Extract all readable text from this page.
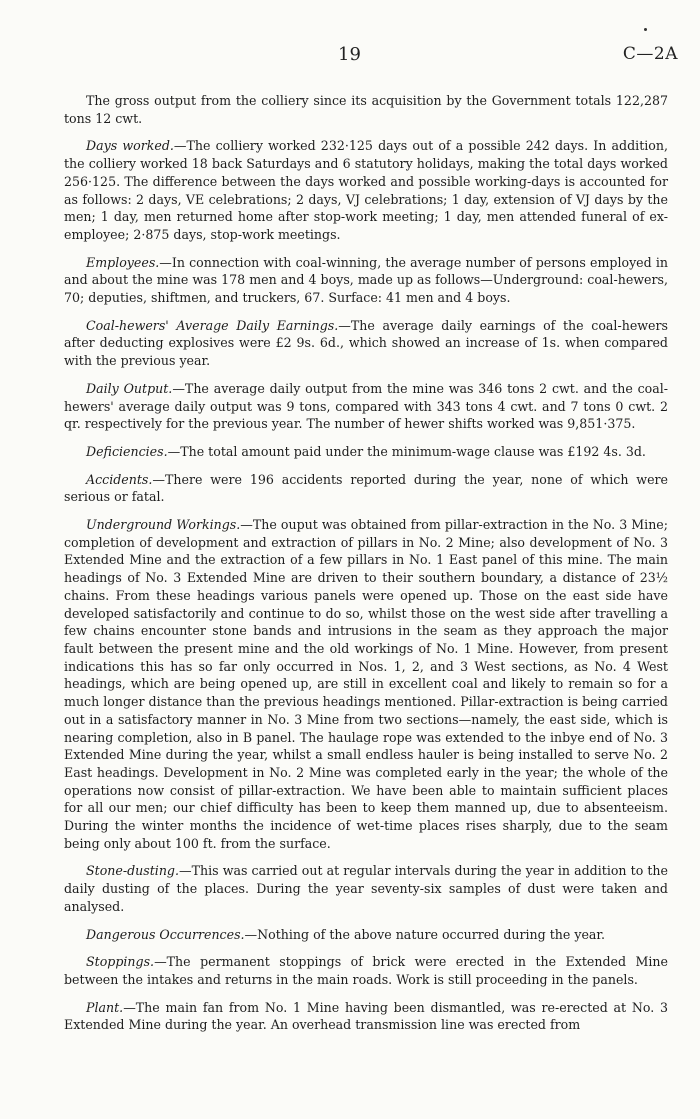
19	C—2A

The gross output from the colliery since its acquisition by the Government totals 122,287 tons 12 cwt.

Days worked.—The colliery worked 232·125 days out of a possible 242 days. In addition, the colliery worked 18 back Saturdays and 6 statutory holidays, making the total days worked 256·125. The difference between the days worked and possible working-days is accounted for as follows: 2 days, VE celebrations; 2 days, VJ celebrations; 1 day, extension of VJ days by the men; 1 day, men returned home after stop-work meeting; 1 day, men attended funeral of ex-employee; 2·875 days, stop-work meetings.

Employees.—In connection with coal-winning, the average number of persons employed in and about the mine was 178 men and 4 boys, made up as follows—Underground: coal-hewers, 70; deputies, shiftmen, and truckers, 67. Surface: 41 men and 4 boys.

Coal-hewers' Average Daily Earnings.—The average daily earnings of the coal-hewers after deducting explosives were £2 9s. 6d., which showed an increase of 1s. when compared with the previous year.

Daily Output.—The average daily output from the mine was 346 tons 2 cwt. and the coal-hewers' average daily output was 9 tons, compared with 343 tons 4 cwt. and 7 tons 0 cwt. 2 qr. respectively for the previous year. The number of hewer shifts worked was 9,851·375.

Deficiencies.—The total amount paid under the minimum-wage clause was £192 4s. 3d.

Accidents.—There were 196 accidents reported during the year, none of which were serious or fatal.

Underground Workings.—The ouput was obtained from pillar-extraction in the No. 3 Mine; completion of development and extraction of pillars in No. 2 Mine; also development of No. 3 Extended Mine and the extraction of a few pillars in No. 1 East panel of this mine. The main headings of No. 3 Extended Mine are driven to their southern boundary, a distance of 23½ chains. From these headings various panels were opened up. Those on the east side have developed satisfactorily and continue to do so, whilst those on the west side after travelling a few chains encounter stone bands and intrusions in the seam as they approach the major fault between the present mine and the old workings of No. 1 Mine. However, from present indications this has so far only occurred in Nos. 1, 2, and 3 West sections, as No. 4 West headings, which are being opened up, are still in excellent coal and likely to remain so for a much longer distance than the previous headings mentioned. Pillar-extraction is being carried out in a satisfactory manner in No. 3 Mine from two sections—namely, the east side, which is nearing completion, also in B panel. The haulage rope was extended to the inbye end of No. 3 Extended Mine during the year, whilst a small endless hauler is being installed to serve No. 2 East headings. Development in No. 2 Mine was completed early in the year; the whole of the operations now consist of pillar-extraction. We have been able to maintain sufficient places for all our men; our chief difficulty has been to keep them manned up, due to absenteeism. During the winter months the incidence of wet-time places rises sharply, due to the seam being only about 100 ft. from the surface.

Stone-dusting.—This was carried out at regular intervals during the year in addition to the daily dusting of the places. During the year seventy-six samples of dust were taken and analysed.

Dangerous Occurrences.—Nothing of the above nature occurred during the year.

Stoppings.—The permanent stoppings of brick were erected in the Extended Mine between the intakes and returns in the main roads. Work is still proceeding in the panels.

Plant.—The main fan from No. 1 Mine having been dismantled, was re-erected at No. 3 Extended Mine during the year. An overhead transmission line was erected from
